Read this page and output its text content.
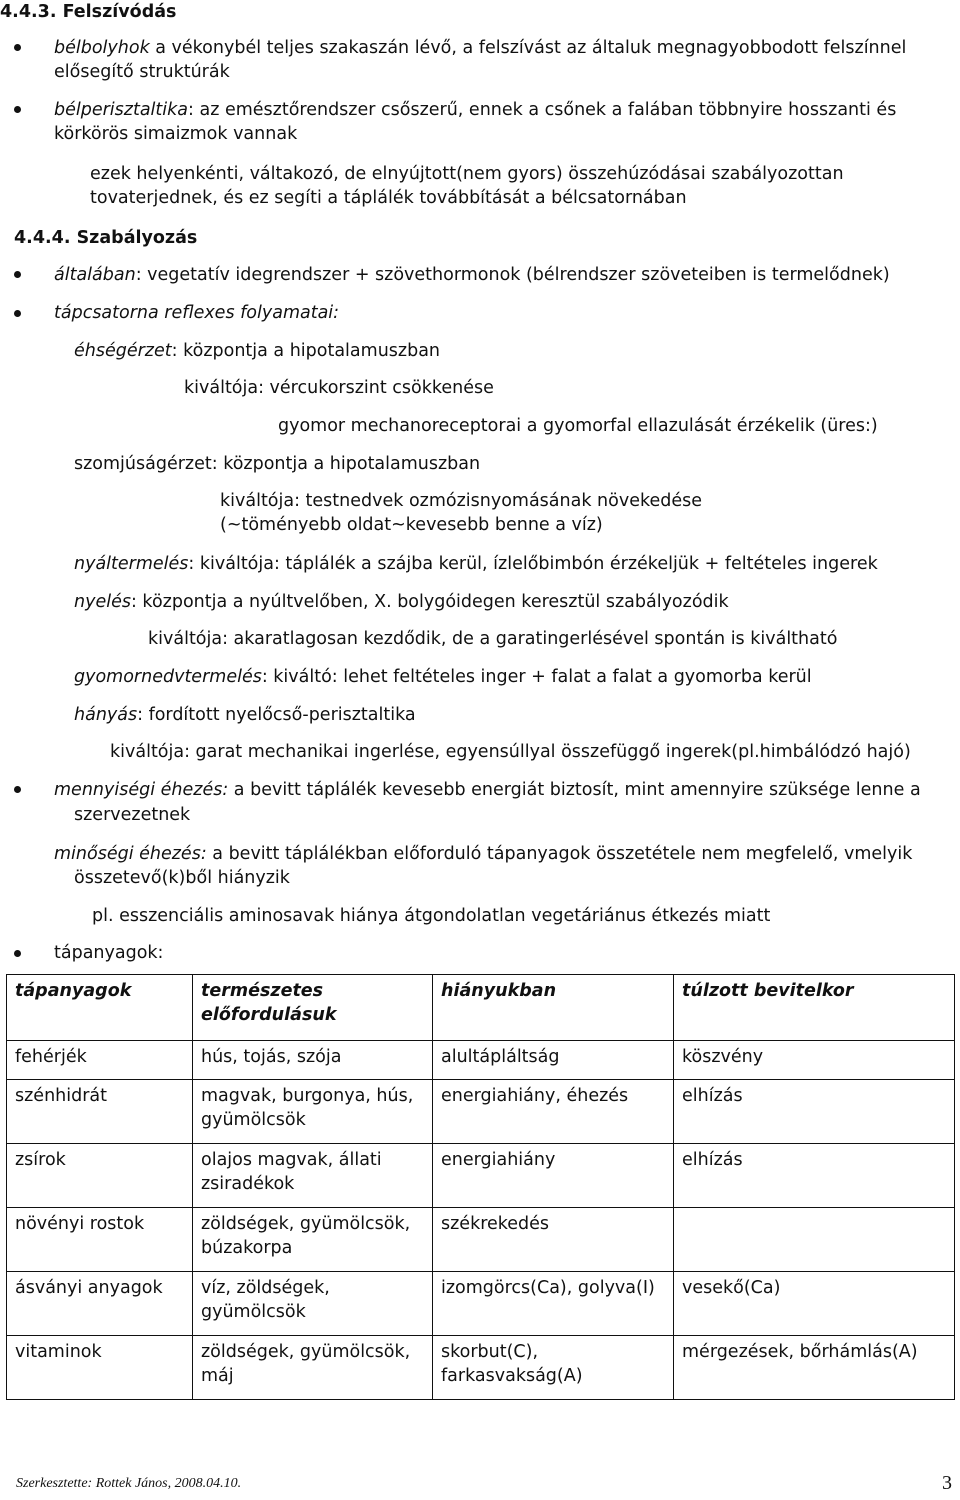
4.4.3. Felszívódás
bélbolyhok a vékonybél teljes szakaszán lévő, a felszívást az általuk megnagyobbodott felszínnel
elősegítő struktúrák
bélperisztaltika: az emésztőrendszer csőszerű, ennek a csőnek a falában többnyire hosszanti és
körkörös simaizmok vannak
ezek helyenkénti, váltakozó, de elnyújtott(nem gyors) összehúzódásai szabályozottan
tovaterjednek, és ez segíti a táplálék továbbítását a bélcsatornában
4.4.4. Szabályozás
általában: vegetatív idegrendszer + szövethormonok (bélrendszer szöveteiben is termelődnek)
tápcsatorna reflexes folyamatai:
éhségérzet: központja a hipotalamuszban
kiváltója: vércukorszint csökkenése
gyomor mechanoreceptorai a gyomorfal ellazulását érzékelik (üres:)
szomjúságérzet: központja a hipotalamuszban
kiváltója: testnedvek ozmózisnyomásának növekedése
(~töményebb oldat~kevesebb benne a víz)
nyáltermelés: kiváltója: táplálék a szájba kerül, ízlelőbimbón érzékeljük + feltételes ingerek
nyelés: központja a nyúltvelőben, X. bolygóidegen keresztül szabályozódik
kiváltója: akaratlagosan kezdődik, de a garatingerlésével spontán is kiváltható
gyomornedvtermelés: kiváltó: lehet feltételes inger + falat a falat a gyomorba kerül
hányás: fordított nyelőcső-perisztaltika
kiváltója: garat mechanikai ingerlése, egyensúllyal összefüggő ingerek(pl.himbálódzó hajó)
mennyiségi éhezés: a bevitt táplálék kevesebb energiát biztosít, mint amennyire szüksége lenne a
szervezetnek
minőségi éhezés: a bevitt táplálékban előforduló tápanyagok összetétele nem megfelelő, vmelyik
összetevő(k)ből hiányzik
pl. esszenciális aminosavak hiánya átgondolatlan vegetáriánus étkezés miatt
tápanyagok:
tápanyagok	természetes előfordulásuk	hiányukban	túlzott bevitelkor
fehérjék	hús, tojás, szója	alultápláltság	köszvény
szénhidrát	magvak, burgonya, hús, gyümölcsök	energiahiány, éhezés	elhízás
zsírok	olajos magvak, állati zsiradékok	energiahiány	elhízás
növényi rostok	zöldségek, gyümölcsök, búzakorpa	székrekedés	
ásványi anyagok	víz, zöldségek, gyümölcsök	izomgörcs(Ca), golyva(I)	vesekő(Ca)
vitaminok	zöldségek, gyümölcsök, máj	skorbut(C), farkasvakság(A)	mérgezések, bőrhámlás(A)
Szerkesztette: Rottek János, 2008.04.10.	3
